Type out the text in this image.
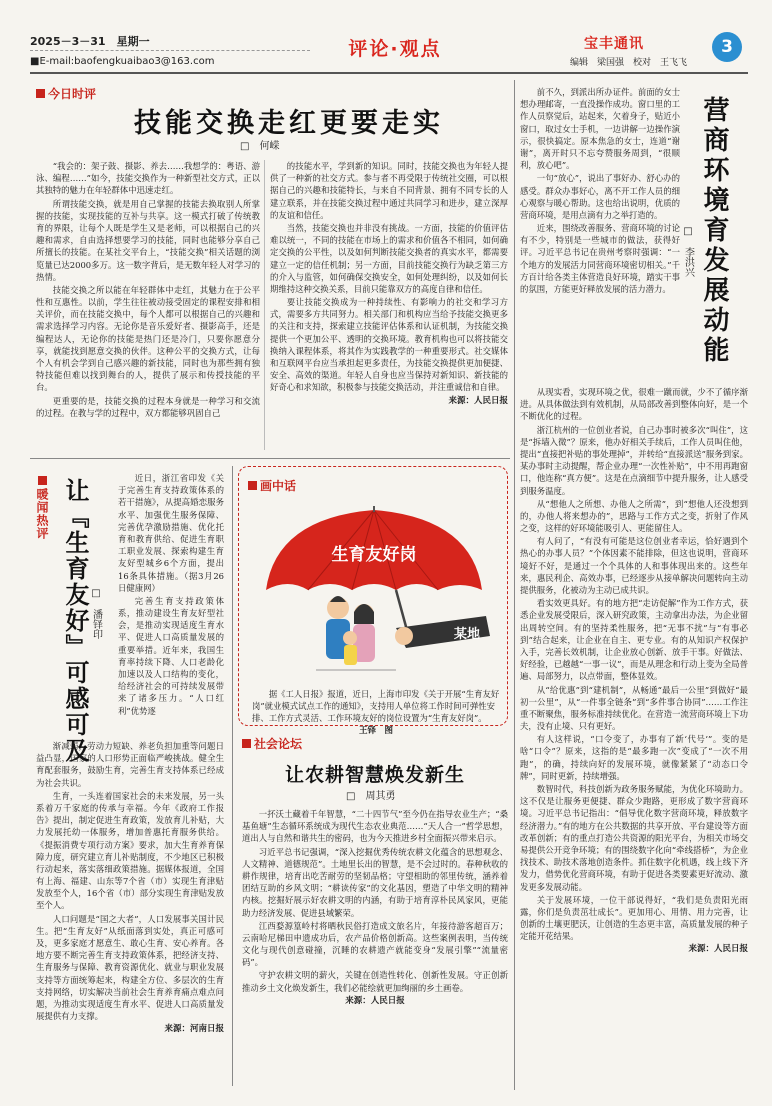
2025－3－31　星期一
■E-mail:baofengkuaibao3@163.com
评论·观点	宝丰通讯	3
编辑　梁国强　校对　王飞飞
今日时评
技能交换走红更要走实
□　何嵘

“我会的：架子鼓、摄影、养去……我想学的：粤语、游泳、编程……”如今，技能交换作为一种新型社交方式，正以其独特的魅力在年轻群体中迅速走红。

所谓技能交换，就是用自己掌握的技能去换取别人所掌握的技能，实现技能的互补与共享。这一模式打破了传统教育的界限，让每个人既是学生又是老师，可以根据自己的兴趣和需求，自由选择想要学习的技能，同时也能够分享自己所擅长的技能。在某社交平台上，“技能交换”相关话题的浏览量已达2000多万。这一数字背后，是无数年轻人对学习的热情。

技能交换之所以能在年轻群体中走红，其魅力在于公平性和互惠性。以前，学生往往被动接受固定的课程安排和相关评价，而在技能交换中，每个人都可以根据自己的兴趣和需求选择学习内容。无论你是音乐爱好者、摄影高手，还是编程达人，无论你的技能是热门还是冷门，只要你愿意分享，就能找到愿意交换的伙伴。这种公平的交换方式，让每个人有机会学到自己感兴趣的新技能，同时也为那些拥有独特技能但难以找到舞台的人，提供了展示和传授技能的平台。

更重要的是，技能交换的过程本身就是一种学习和交流的过程。在教与学的过程中，双方都能够巩固自己

的技能水平，学到新的知识。同时，技能交换也为年轻人提供了一种新的社交方式。参与者不再受限于传统社交圈，可以根据自己的兴趣和技能特长，与来自不同背景、拥有不同专长的人建立联系，并在技能交换过程中通过共同学习和进步，建立深厚的友谊和信任。

当然，技能交换也并非没有挑战。一方面，技能的价值评估难以统一，不同的技能在市场上的需求和价值各不相同，如何确定交换的公平性，以及如何判断技能交换者的真实水平，都需要建立一定的信任机制；另一方面，目前技能交换行为缺乏第三方的介入与监管，如何确保交换安全，如何处理纠纷，以及如何长期维持这种交换关系，目前只能靠双方的高度自律和信任。

要让技能交换成为一种持续性、有影响力的社交和学习方式，需要多方共同努力。相关部门和机构应当给予技能交换更多的关注和支持，探索建立技能评估体系和认证机制，为技能交换提供一个更加公平、透明的交换环境。教育机构也可以将技能交换纳入课程体系，将其作为实践教学的一种重要形式。社交媒体和互联网平台应当承担起更多责任，为技能交换提供更加便捷、安全、高效的渠道。年轻人自身也应当保持对新知识、新技能的好奇心和求知欲，积极参与技能交换活动，并注重诚信和自律。

来源：人民日报
营商环境育发展动能
□　李洪兴

前不久，到派出所办证件。前面的女士想办理邮寄，一直没操作成功。窗口里的工作人员察觉后，站起来，欠着身子，贴近小窗口，取过女士手机，一边讲解一边操作演示，很快搞定。原本焦急的女士，连道“谢谢”，离开时只不忘夸赞服务周到，“很顺利，放心吧”。

一句“放心”，说出了事好办、舒心办的感受。群众办事好心，离不开工作人员的细心观察与暖心帮助。这也给出说明，优质的营商环境，是用点滴有力之举打造的。

近来，围绕改善服务、营商环境的讨论有不少，特别是一些城市的做法，获得好评。习近平总书记在贵州考察时强调：“一个地方的发展活力同营商环境密切相关。”千方百计给各类主体营造良好环境，踏实干事的氛围，方能更好释放发展的活力潜力。

从现实看，实现环境之优，很难一蹴而就，少不了循序渐进。从具体做法到有效机制，从局部改善到整体向好，是一个不断优化的过程。

浙江杭州的一位创业者说，自己办事时被多次“叫住”，这是“拆墙入微”？原来，他办好相关手续后，工作人员叫住他，提出“直接把补贴的事处理掉”，并转给“直接派送”服务到家。某办事时主动提醒，帮企业办理“一次性补贴”，中不用再跑窗口，他连称“真方便”。这是在点滴细节中提升服务，让人感受到服务温度。

从“想他人之所想、办他人之所需”，到“想他人还没想到的，办他人将来想办的”，思路与工作方式之变，折射了作风之变，这样的好环境能吸引人、更能留住人。

有人问了，“有没有可能是这位创业者幸运，恰好遇到个热心的办事人员？”个体因素不能排除，但这也说明，营商环境好不好，是通过一个个具体的人和事体现出来的。这些年来，惠民利企、高效办事，已经逐步从接单解决问题转向主动提供服务，化被动为主动已成共识。

看实效更具好。有的地方把“走访促解”作为工作方式，获悉企业发展受限后，深入研究政策，主动拿出办法，为企业留出周转空间。有的坚持柔性服务，把“无事不扰”与“有事必到”结合起来，让企业在自主、更专业。有的从知识产权保护入手，完善长效机制，让企业放心创新、放手干事。好做法、好经验，已越越“一事一议”，而是从理念和行动上变为全局普遍、局部努力，以点带面，整体显效。

从“给优惠”到“建机制”，从畅通“最后一公里”到做好“最初一公里”，从“一件事全链条”到“多件事合协同”……工作注重不断聚焦，服务标准持续优化。在营造一流营商环境上下功夫，没有止境、只有更好。

有人这样说，“口令变了，办事有了新‘代号’”。变的是啥“口令”？原来，这指的是“最多跑一次”变成了“一次不用跑”，的确，持续向好的发展环境，就像紧紧了“动态口令牌”，同时更新，持续增强。

数智时代，科技创新为政务服务赋能，为优化环境助力。这不仅是让服务更便捷、群众少跑路，更形成了数字营商环境。习近平总书记指出：“倡导优化数字营商环境，释放数字经济潜力。”有的地方在公共数据的共享开放、平台建设等方面改革创新；有的重点打造公共资源的阳光平台，为相关市场交易提供公开竞争环境；有的围绕数字化向“牵线搭桥”，为企业找技术、助技术落地创造条件。抓住数字化机遇，线上线下齐发力，借势优化营商环境，有助于促进各类要素更好流动、激发更多发展动能。

关于发展环境，一位干部说得好，“我们是负责阳光雨露，你们是负责茁壮成长”。更加用心、用情、用力完善，让创新的土壤更肥沃，让创造的生态更丰富，高质量发展的种子定能开花结果。

来源：人民日报
暖闻热评 让『生育友好』可感可及 □　潘铎印

近日，浙江省印发《关于完善生育支持政策体系的若干措施》，从提高婚恋服务水平、加强优生服务保障、完善优孕激励措施、优化托育和教育供给、促进生育职工职业发展、探索构建生育友好型城乡6个方面，提出16条具体措施。（据3月26日健康网）

完善生育支持政策体系，推动建设生育友好型社会，是推动实现适度生育水平、促进人口高质量发展的重要举措。近年来，我国生育率持续下降、人口老龄化加速以及人口结构的变化，给经济社会的可持续发展带来了诸多压力。“人口红利”优势逐

渐减弱，劳动力短缺、养老负担加重等问题日益凸显，国家的人口形势正面临严峻挑战。健全生育配套服务，鼓励生育，完善生育支持体系已经成为社会共识。

生育，一头连着国家社会的未来发展，另一头系着万千家庭的传承与幸福。今年《政府工作报告》提出，制定促进生育政策，发放育儿补贴，大力发展托幼一体服务，增加普惠托育服务供给。《提振消费专项行动方案》要求，加大生育养育保障力度，研究建立育儿补贴制度，不少地区已积极行动起来，落实落细政策措施。据媒体报道，全国有上海、福建、山东等7个省（市）实现生育津贴发放至个人，16个省（市）部分实现生育津贴发放至个人。

人口问题是“国之大者”，人口发展事关国计民生。把“生育友好”从纸面落到实处，真正可感可及，更多家庭才愿意生、敢心生育、安心养育。各地方要不断完善生育支持政策体系，把经济支持、生育服务与保障、教育资源优化、就业与职业发展支持等方面统筹起来，构建全方位、多层次的生育支持网络，切实解决当前社会生育养育痛点难点问题，为推动实现适度生育水平、促进人口高质量发展提供有力支撑。

来源：河南日报
画中话
生育友好岗
某地

据《工人日报》报道，近日，上海市印发《关于开展“生育友好岗”就业模式试点工作的通知》，支持用人单位将工作时间可弹性安排、工作方式灵活、工作环境友好的岗位设置为“生育友好岗”。

王铎　图
社会论坛
让农耕智慧焕发新生
□　周其勇

一抔沃土藏着千年智慧，“二十四节气”至今仍在指导农业生产；“桑基鱼塘”生态循环系统成为现代生态农业典范……“天人合一”哲学思想，道出人与自然和谐共生的密码，也为今天推进乡村全面振兴带来启示。

习近平总书记强调，“深入挖掘优秀传统农耕文化蕴含的思想观念、人文精神、道德规范”。土地里长出的智慧，是不会过时的。春种秋收的耕作规律，培育出吃苦耐劳的坚韧品格；守望相助的邻里传统，涵养着团结互助的乡风文明；“耕读传家”的文化基因，塑造了中华文明的精神内核。挖掘好展示好农耕文明的内涵，有助于培育淳朴民风家风，更能助力经济发展、促进县域繁荣。

江西婺源篁岭村将晒秋民俗打造成文旅名片，年接待游客超百万；云南哈尼梯田申遗成功后，农产品价格创新高。这些案例表明，当传统文化与现代创意碰撞，沉睡的农耕遗产就能变身“发展引擎”“流量密码”。

守护农耕文明的薪火，关键在创造性转化、创新性发展。守正创新推动乡土文化焕发新生，我们必能绘就更加绚丽的乡土画卷。

来源：人民日报
